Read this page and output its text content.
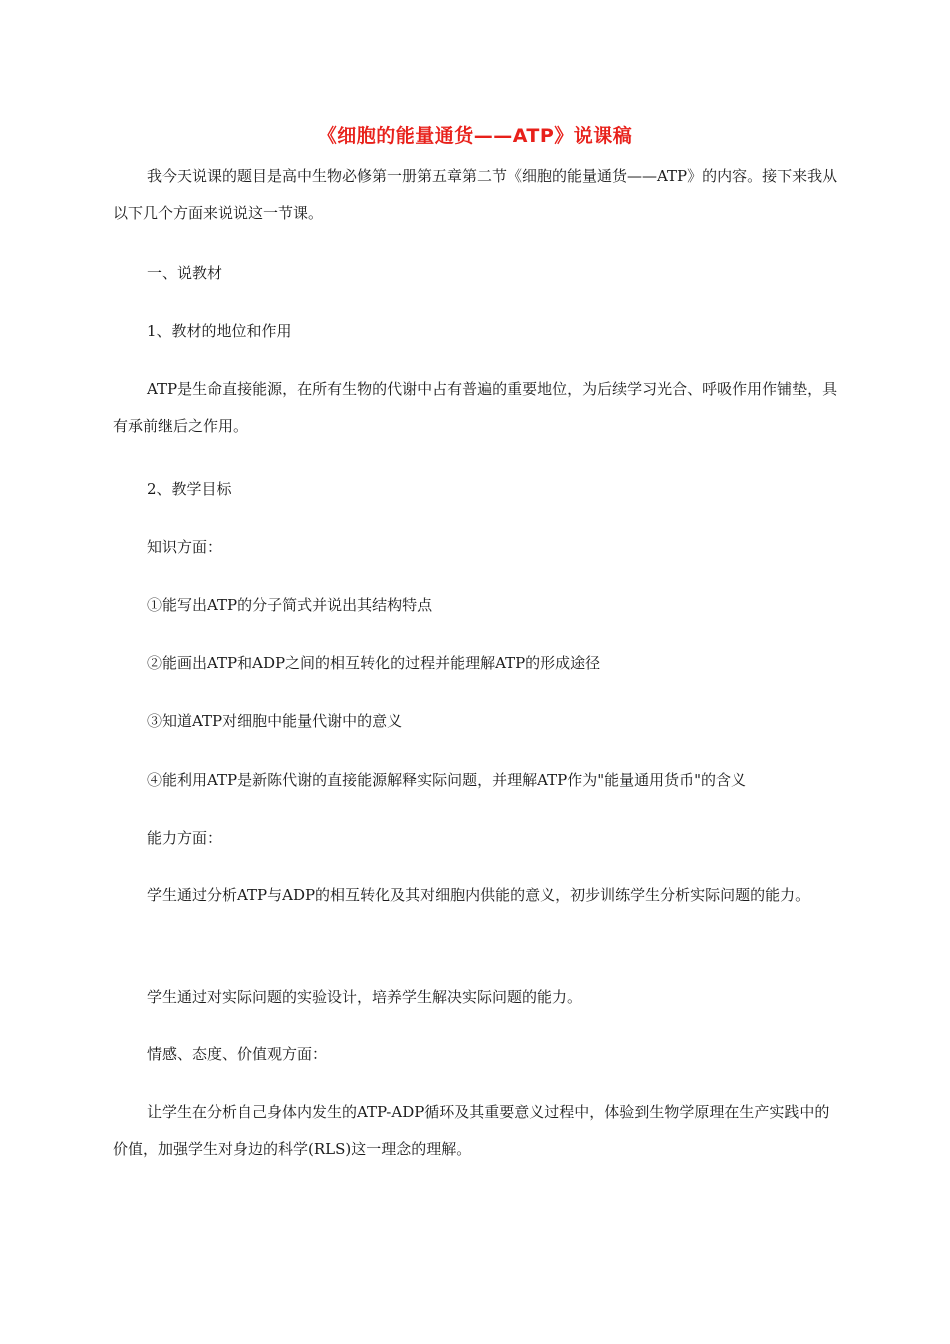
《细胞的能量通货——ATP》说课稿
我今天说课的题目是高中生物必修第一册第五章第二节《细胞的能量通货——ATP》的内容。接下来我从以下几个方面来说说这一节课。
一、说教材
1、教材的地位和作用
ATP是生命直接能源，在所有生物的代谢中占有普遍的重要地位，为后续学习光合、呼吸作用作铺垫，具有承前继后之作用。
2、教学目标
知识方面：
①能写出ATP的分子简式并说出其结构特点
②能画出ATP和ADP之间的相互转化的过程并能理解ATP的形成途径
③知道ATP对细胞中能量代谢中的意义
④能利用ATP是新陈代谢的直接能源解释实际问题，并理解ATP作为"能量通用货币"的含义
能力方面：
学生通过分析ATP与ADP的相互转化及其对细胞内供能的意义，初步训练学生分析实际问题的能力。
学生通过对实际问题的实验设计，培养学生解决实际问题的能力。
情感、态度、价值观方面：
让学生在分析自己身体内发生的ATP-ADP循环及其重要意义过程中，体验到生物学原理在生产实践中的价值，加强学生对身边的科学(RLS)这一理念的理解。
